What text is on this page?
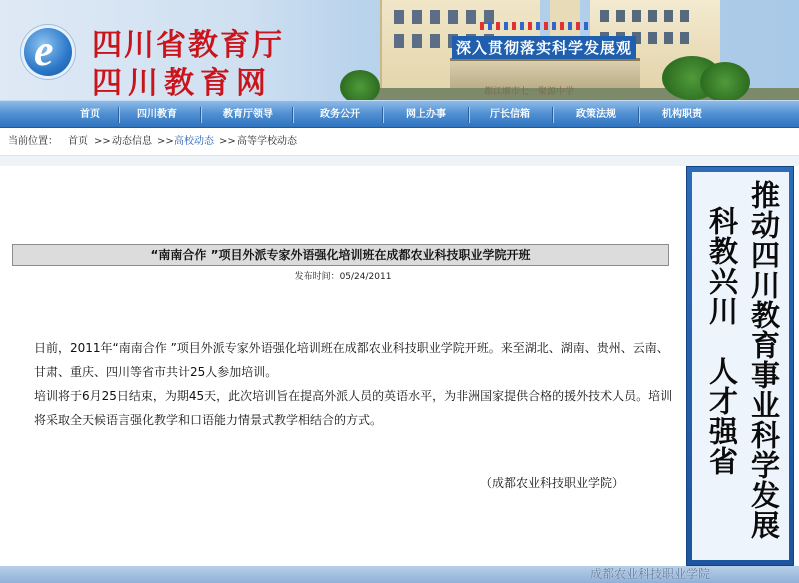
e	四川省教育厅
四川教育网	都江堰市七一聚源中学
深入贯彻落实科学发展观
首页	四川教育	教育厅领导	政务公开	网上办事	厅长信箱	政策法规	机构职责
当前位置： 首页 >> 动态信息 >> 高校动态 >> 高等学校动态
“南南合作 ”项目外派专家外语强化培训班在成都农业科技职业学院开班
发布时间：05/24/2011
日前，2011年“南南合作 ”项目外派专家外语强化培训班在成都农业科技职业学院开班。来至湖北、湖南、贵州、云南、甘肃、重庆、四川等省市共计25人参加培训。
培训将于6月25日结束，为期45天，此次培训旨在提高外派人员的英语水平，为非洲国家提供合格的援外技术人员。培训将采取全天候语言强化教学和口语能力情景式教学相结合的方式。
（成都农业科技职业学院）	推动四川教育事业科学发展
科教兴川　人才强省
成都农业科技职业学院
